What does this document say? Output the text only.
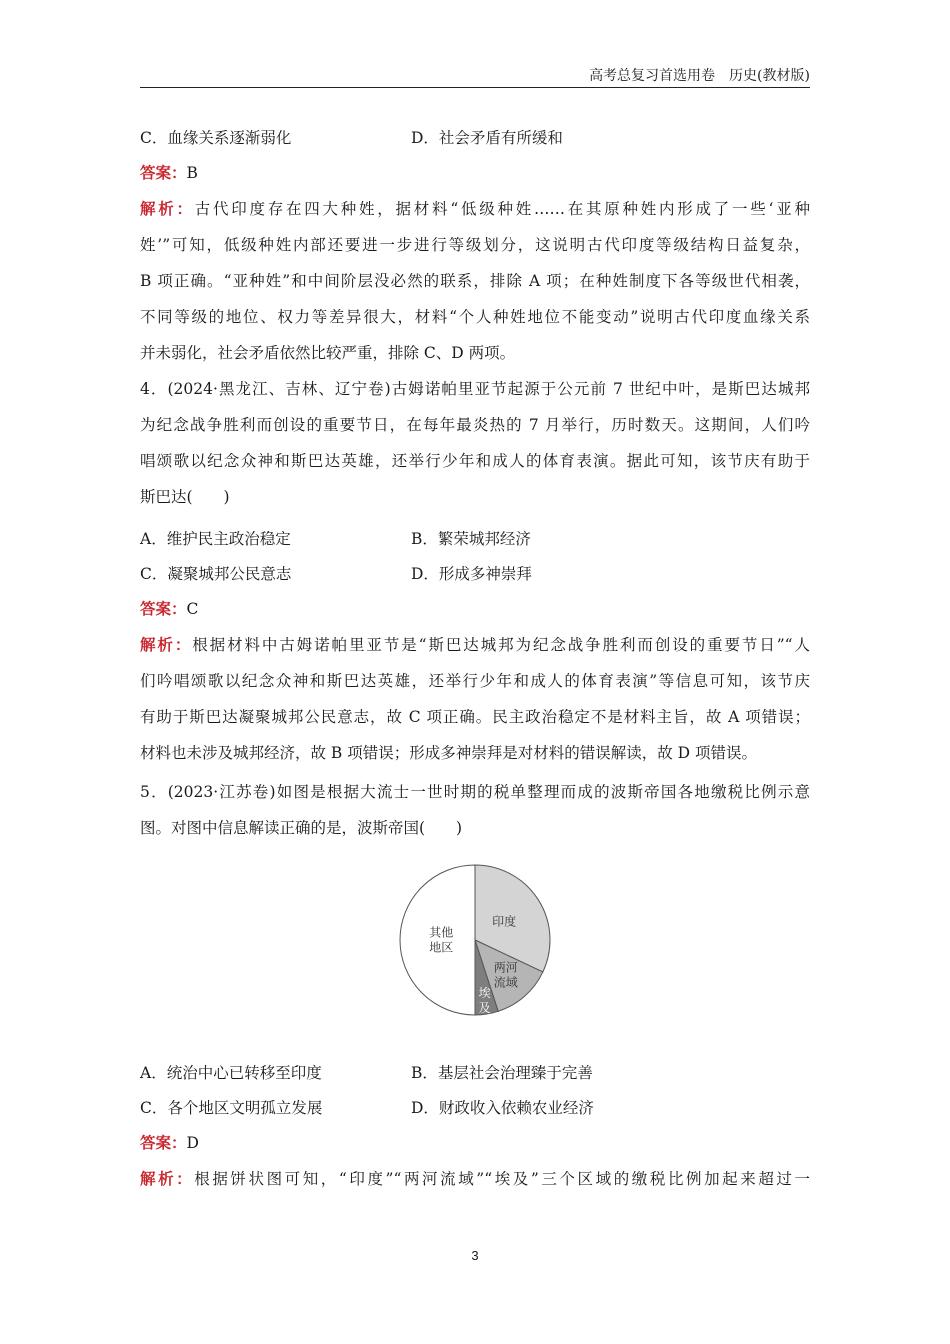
高考总复习首选用卷　历史(教材版)
C．血缘关系逐渐弱化	D．社会矛盾有所缓和
答案：B
解析：古代印度存在四大种姓，据材料“低级种姓……在其原种姓内形成了一些‘亚种
姓’”可知，低级种姓内部还要进一步进行等级划分，这说明古代印度等级结构日益复杂，
B 项正确。“亚种姓”和中间阶层没必然的联系，排除 A 项；在种姓制度下各等级世代相袭，
不同等级的地位、权力等差异很大，材料“个人种姓地位不能变动”说明古代印度血缘关系
并未弱化，社会矛盾依然比较严重，排除 C、D 两项。
4．(2024·黑龙江、吉林、辽宁卷)古姆诺帕里亚节起源于公元前 7 世纪中叶，是斯巴达城邦
为纪念战争胜利而创设的重要节日，在每年最炎热的 7 月举行，历时数天。这期间，人们吟
唱颂歌以纪念众神和斯巴达英雄，还举行少年和成人的体育表演。据此可知，该节庆有助于
斯巴达(　　)
A．维护民主政治稳定	B．繁荣城邦经济
C．凝聚城邦公民意志	D．形成多神崇拜
答案：C
解析：根据材料中古姆诺帕里亚节是“斯巴达城邦为纪念战争胜利而创设的重要节日”“人
们吟唱颂歌以纪念众神和斯巴达英雄，还举行少年和成人的体育表演”等信息可知，该节庆
有助于斯巴达凝聚城邦公民意志，故 C 项正确。民主政治稳定不是材料主旨，故 A 项错误；
材料也未涉及城邦经济，故 B 项错误；形成多神崇拜是对材料的错误解读，故 D 项错误。
5．(2023·江苏卷)如图是根据大流士一世时期的税单整理而成的波斯帝国各地缴税比例示意
图。对图中信息解读正确的是，波斯帝国(　　)
印度
两河流域
埃及
其他地区
A．统治中心已转移至印度	B．基层社会治理臻于完善
C．各个地区文明孤立发展	D．财政收入依赖农业经济
答案：D
解析：根据饼状图可知，“印度”“两河流域”“埃及”三个区域的缴税比例加起来超过一
3
